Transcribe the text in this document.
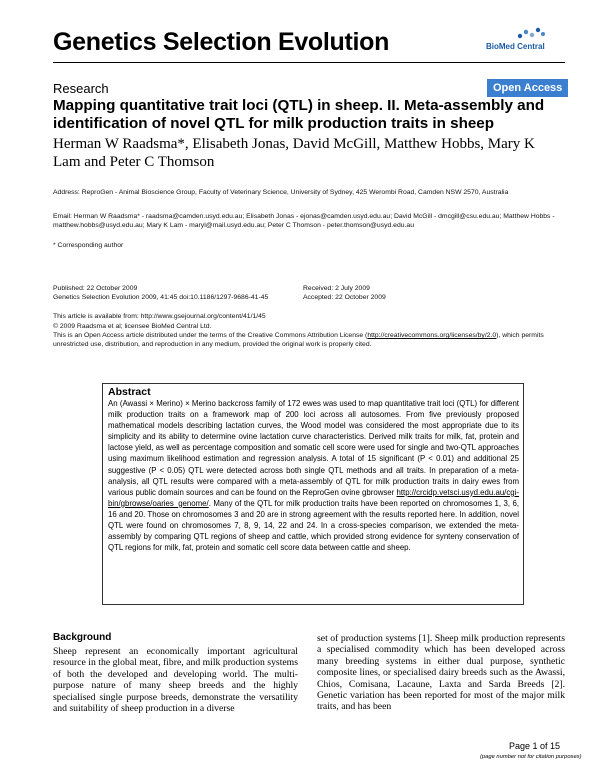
Genetics Selection Evolution	BioMed Central
Research	Open Access
Mapping quantitative trait loci (QTL) in sheep. II. Meta-assembly and identification of novel QTL for milk production traits in sheep
Herman W Raadsma*, Elisabeth Jonas, David McGill, Matthew Hobbs, Mary K Lam and Peter C Thomson
Address: ReproGen - Animal Bioscience Group, Faculty of Veterinary Science, University of Sydney, 425 Werombi Road, Camden NSW 2570, Australia
Email: Herman W Raadsma* - raadsma@camden.usyd.edu.au; Elisabeth Jonas - ejonas@camden.usyd.edu.au; David McGill - dmcgill@csu.edu.au; Matthew Hobbs - matthew.hobbs@usyd.edu.au; Mary K Lam - maryl@mail.usyd.edu.au; Peter C Thomson - peter.thomson@usyd.edu.au
* Corresponding author
Published: 22 October 2009
Genetics Selection Evolution 2009, 41:45 doi:10.1186/1297-9686-41-45
Received: 2 July 2009
Accepted: 22 October 2009
This article is available from: http://www.gsejournal.org/content/41/1/45
© 2009 Raadsma et al; licensee BioMed Central Ltd.
This is an Open Access article distributed under the terms of the Creative Commons Attribution License (http://creativecommons.org/licenses/by/2.0), which permits unrestricted use, distribution, and reproduction in any medium, provided the original work is properly cited.
Abstract
An (Awassi × Merino) × Merino backcross family of 172 ewes was used to map quantitative trait loci (QTL) for different milk production traits on a framework map of 200 loci across all autosomes. From five previously proposed mathematical models describing lactation curves, the Wood model was considered the most appropriate due to its simplicity and its ability to determine ovine lactation curve characteristics. Derived milk traits for milk, fat, protein and lactose yield, as well as percentage composition and somatic cell score were used for single and two-QTL approaches using maximum likelihood estimation and regression analysis. A total of 15 significant (P < 0.01) and additional 25 suggestive (P < 0.05) QTL were detected across both single QTL methods and all traits. In preparation of a meta-analysis, all QTL results were compared with a meta-assembly of QTL for milk production traits in dairy ewes from various public domain sources and can be found on the ReproGen ovine gbrowser http://crcidp.vetsci.usyd.edu.au/cgi-bin/gbrowse/oaries_genome/. Many of the QTL for milk production traits have been reported on chromosomes 1, 3, 6, 16 and 20. Those on chromosomes 3 and 20 are in strong agreement with the results reported here. In addition, novel QTL were found on chromosomes 7, 8, 9, 14, 22 and 24. In a cross-species comparison, we extended the meta-assembly by comparing QTL regions of sheep and cattle, which provided strong evidence for synteny conservation of QTL regions for milk, fat, protein and somatic cell score data between cattle and sheep.
Background
Sheep represent an economically important agricultural resource in the global meat, fibre, and milk production systems of both the developed and developing world. The multi-purpose nature of many sheep breeds and the highly specialised single purpose breeds, demonstrate the versatility and suitability of sheep production in a diverse
set of production systems [1]. Sheep milk production represents a specialised commodity which has been developed across many breeding systems in either dual purpose, synthetic composite lines, or specialised dairy breeds such as the Awassi, Chios, Comisana, Lacaune, Laxta and Sarda Breeds [2]. Genetic variation has been reported for most of the major milk traits, and has been
Page 1 of 15
(page number not for citation purposes)
